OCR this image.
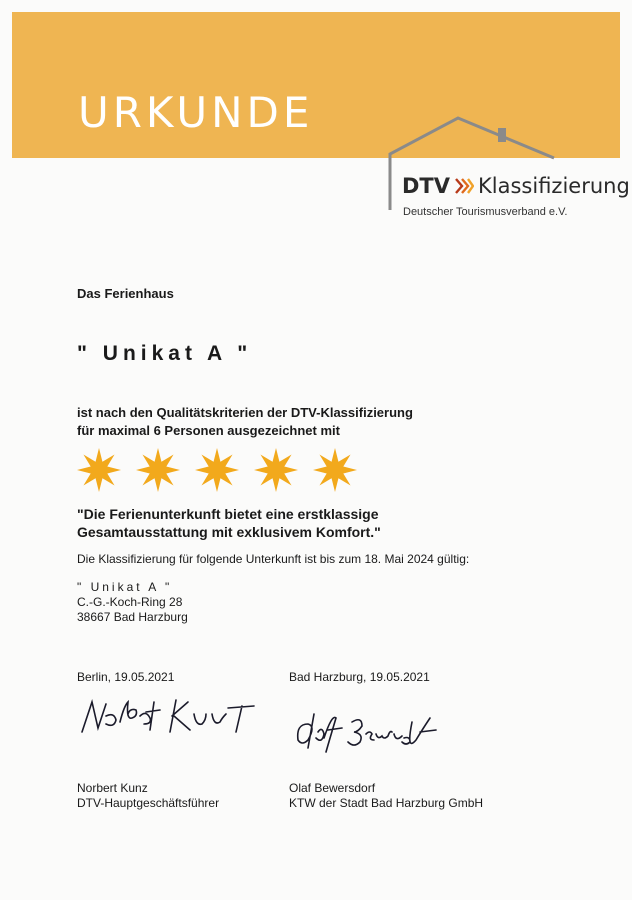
URKUNDE
DTV Klassifizierung
Deutscher Tourismusverband e.V.
Das Ferienhaus
" Unikat A "
ist nach den Qualitätskriterien der DTV-Klassifizierung
für maximal 6 Personen ausgezeichnet mit
"Die Ferienunterkunft bietet eine erstklassige
Gesamtausstattung mit exklusivem Komfort."
Die Klassifizierung für folgende Unterkunft ist bis zum 18. Mai 2024 gültig:
" Unikat A "
C.-G.-Koch-Ring 28
38667 Bad Harzburg
Berlin, 19.05.2021	Bad Harzburg, 19.05.2021
Norbert Kunz
DTV-Hauptgeschäftsführer
Olaf Bewersdorf
KTW der Stadt Bad Harzburg GmbH
